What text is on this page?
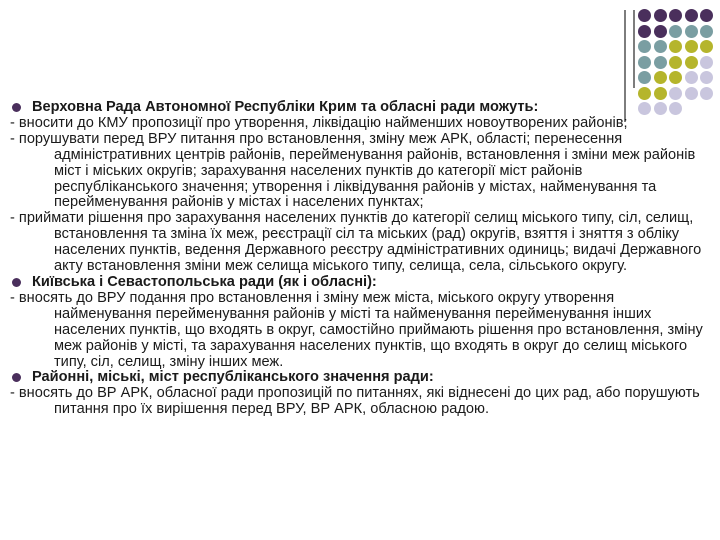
Верховна Рада Автономної Республіки Крим та обласні ради можуть:

- вносити до КМУ пропозиції про утворення, ліквідацію найменших новоутворених районів;

- порушувати перед ВРУ питання про встановлення, зміну меж АРК, області; перенесення адміністративних центрів районів, перейменування районів, встановлення і зміни меж районів міст і міських округів; зарахування населених пунктів до категорії міст районів республіканського значення; утворення і ліквідування районів у містах, найменування та перейменування районів у містах і населених пунктах;

- приймати рішення про зарахування населених пунктів до категорії селищ міського типу, сіл, селищ, встановлення та зміна їх меж, реєстрації сіл та міських (рад) округів, взяття і зняття з обліку населених пунктів, ведення Державного реєстру адміністративних одиниць; видачі Державного акту встановлення зміни меж селища міського типу, селища, села, сільського округу.

Київська і Севастопольська ради (як і обласні):

- вносять до ВРУ подання про встановлення і зміну меж міста, міського округу утворення найменування перейменування районів у місті та найменування перейменування інших населених пунктів, що входять в округ, самостійно приймають рішення про встановлення, зміну меж районів у місті, та зарахування населених пунктів, що входять в округ до селищ міського типу, сіл, селищ, зміну інших меж.

Районні, міські, міст республіканського значення ради:

- вносять до ВР АРК, обласної ради пропозицій по питаннях, які віднесені до цих рад, або порушують питання про їх вирішення перед ВРУ, ВР АРК, обласною радою.
